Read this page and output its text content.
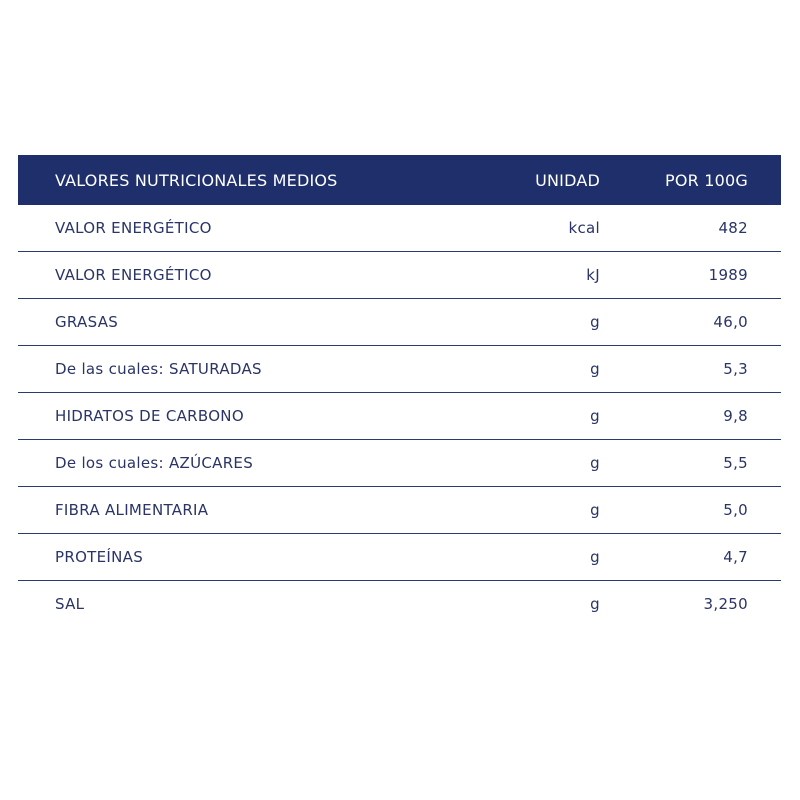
VALORES NUTRICIONALES MEDIOS	UNIDAD	POR 100G
VALOR ENERGÉTICO	kcal	482
VALOR ENERGÉTICO	kJ	1989
GRASAS	g	46,0
De las cuales: SATURADAS	g	5,3
HIDRATOS DE CARBONO	g	9,8
De los cuales: AZÚCARES	g	5,5
FIBRA ALIMENTARIA	g	5,0
PROTEÍNAS	g	4,7
SAL	g	3,250
